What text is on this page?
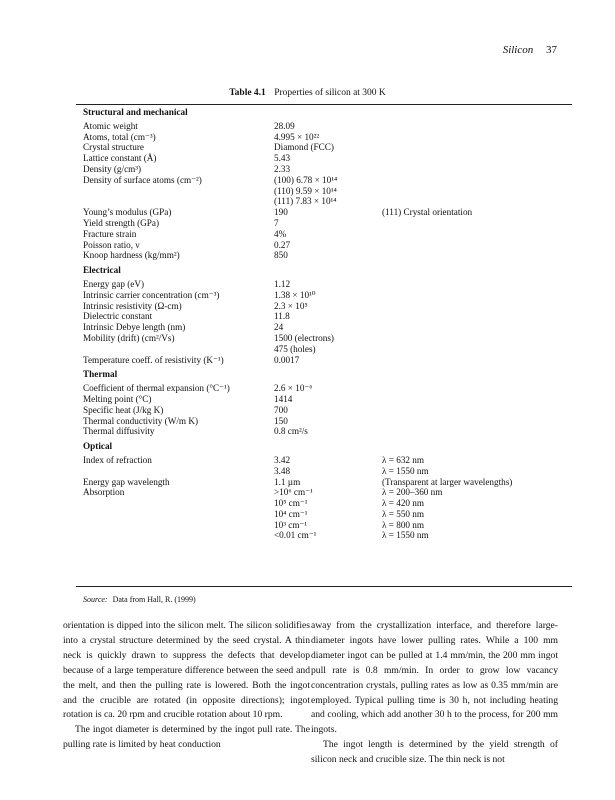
Silicon 37
Table 4.1 Properties of silicon at 300 K
Structural and mechanical
Atomic weight	28.09
Atoms, total (cm⁻³)	4.995 × 10²²
Crystal structure	Diamond (FCC)
Lattice constant (Å)	5.43
Density (g/cm³)	2.33
Density of surface atoms (cm⁻²)	(100) 6.78 × 10¹⁴
(110) 9.59 × 10¹⁴
(111) 7.83 × 10¹⁴
Young’s modulus (GPa)	190	(111) Crystal orientation
Yield strength (GPa)	7
Fracture strain	4%
Poisson ratio, ν	0.27
Knoop hardness (kg/mm²)	850
Electrical
Energy gap (eV)	1.12
Intrinsic carrier concentration (cm⁻³)	1.38 × 10¹⁰
Intrinsic resistivity (Ω-cm)	2.3 × 10⁵
Dielectric constant	11.8
Intrinsic Debye length (nm)	24
Mobility (drift) (cm²/Vs)	1500 (electrons)
475 (holes)
Temperature coeff. of resistivity (K⁻¹)	0.0017
Thermal
Coefficient of thermal expansion (°C⁻¹)	2.6 × 10⁻⁶
Melting point (°C)	1414
Specific heat (J/kg K)	700
Thermal conductivity (W/m K)	150
Thermal diffusivity	0.8 cm²/s
Optical
Index of refraction	3.42	λ = 632 nm
3.48	λ = 1550 nm
Energy gap wavelength	1.1 µm	(Transparent at larger wavelengths)
Absorption	>10⁶ cm⁻¹	λ = 200–360 nm
10⁵ cm⁻¹	λ = 420 nm
10⁴ cm⁻¹	λ = 550 nm
10³ cm⁻¹	λ = 800 nm
<0.01 cm⁻¹	λ = 1550 nm
Source: Data from Hall, R. (1999)

orientation is dipped into the silicon melt. The silicon solidifies into a crystal structure determined by the seed crystal. A thin neck is quickly drawn to suppress the defects that develop because of a large temperature difference between the seed and the melt, and then the pulling rate is lowered. Both the ingot and the crucible are rotated (in opposite directions); ingot rotation is ca. 20 rpm and crucible rotation about 10 rpm.

The ingot diameter is determined by the ingot pull rate. The pulling rate is limited by heat conduction

away from the crystallization interface, and therefore large-diameter ingots have lower pulling rates. While a 100 mm diameter ingot can be pulled at 1.4 mm/min, the 200 mm ingot pull rate is 0.8 mm/min. In order to grow low vacancy concentration crystals, pulling rates as low as 0.35 mm/min are employed. Typical pulling time is 30 h, not including heating and cooling, which add another 30 h to the process, for 200 mm ingots.

The ingot length is determined by the yield strength of silicon neck and crucible size. The thin neck is not
